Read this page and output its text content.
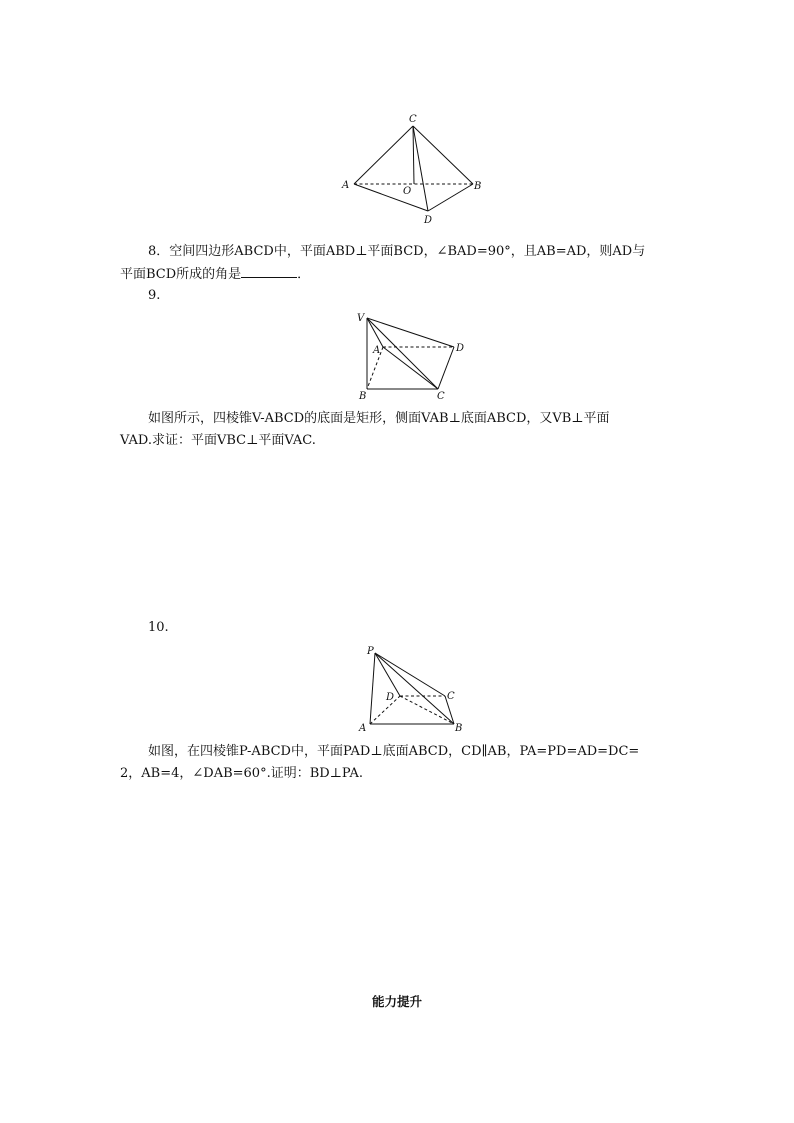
C
A
O	B
D
8．空间四边形ABCD中，平面ABD⊥平面BCD，∠BAD=90°，且AB=AD，则AD与
平面BCD所成的角是	．
9.
V
A	D
B	C
如图所示，四棱锥V-ABCD的底面是矩形，侧面VAB⊥底面ABCD，又VB⊥平面
VAD.求证：平面VBC⊥平面VAC.
10.
P
D	C
A	B
如图，在四棱锥P-ABCD中，平面PAD⊥底面ABCD，CD∥AB，PA=PD=AD=DC=
2，AB=4，∠DAB=60°.证明：BD⊥PA.
能力提升
